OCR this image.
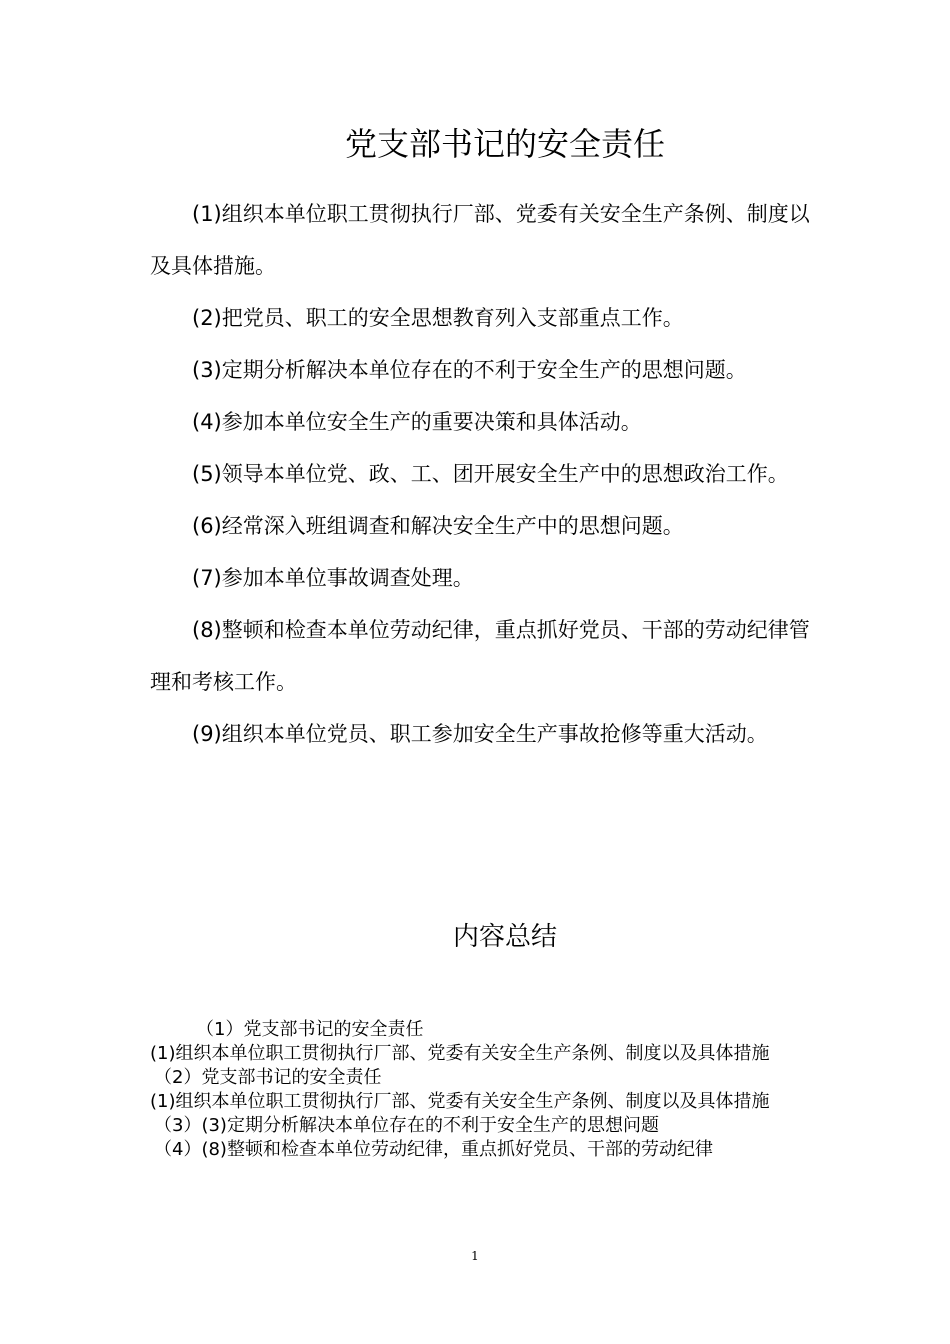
党支部书记的安全责任

(1)组织本单位职工贯彻执行厂部、党委有关安全生产条例、制度以及具体措施。

(2)把党员、职工的安全思想教育列入支部重点工作。

(3)定期分析解决本单位存在的不利于安全生产的思想问题。

(4)参加本单位安全生产的重要决策和具体活动。

(5)领导本单位党、政、工、团开展安全生产中的思想政治工作。

(6)经常深入班组调查和解决安全生产中的思想问题。

(7)参加本单位事故调查处理。

(8)整顿和检查本单位劳动纪律，重点抓好党员、干部的劳动纪律管理和考核工作。

(9)组织本单位党员、职工参加安全生产事故抢修等重大活动。

内容总结

（1）党支部书记的安全责任

(1)组织本单位职工贯彻执行厂部、党委有关安全生产条例、制度以及具体措施

（2）党支部书记的安全责任

(1)组织本单位职工贯彻执行厂部、党委有关安全生产条例、制度以及具体措施

（3）(3)定期分析解决本单位存在的不利于安全生产的思想问题

（4）(8)整顿和检查本单位劳动纪律，重点抓好党员、干部的劳动纪律

1
